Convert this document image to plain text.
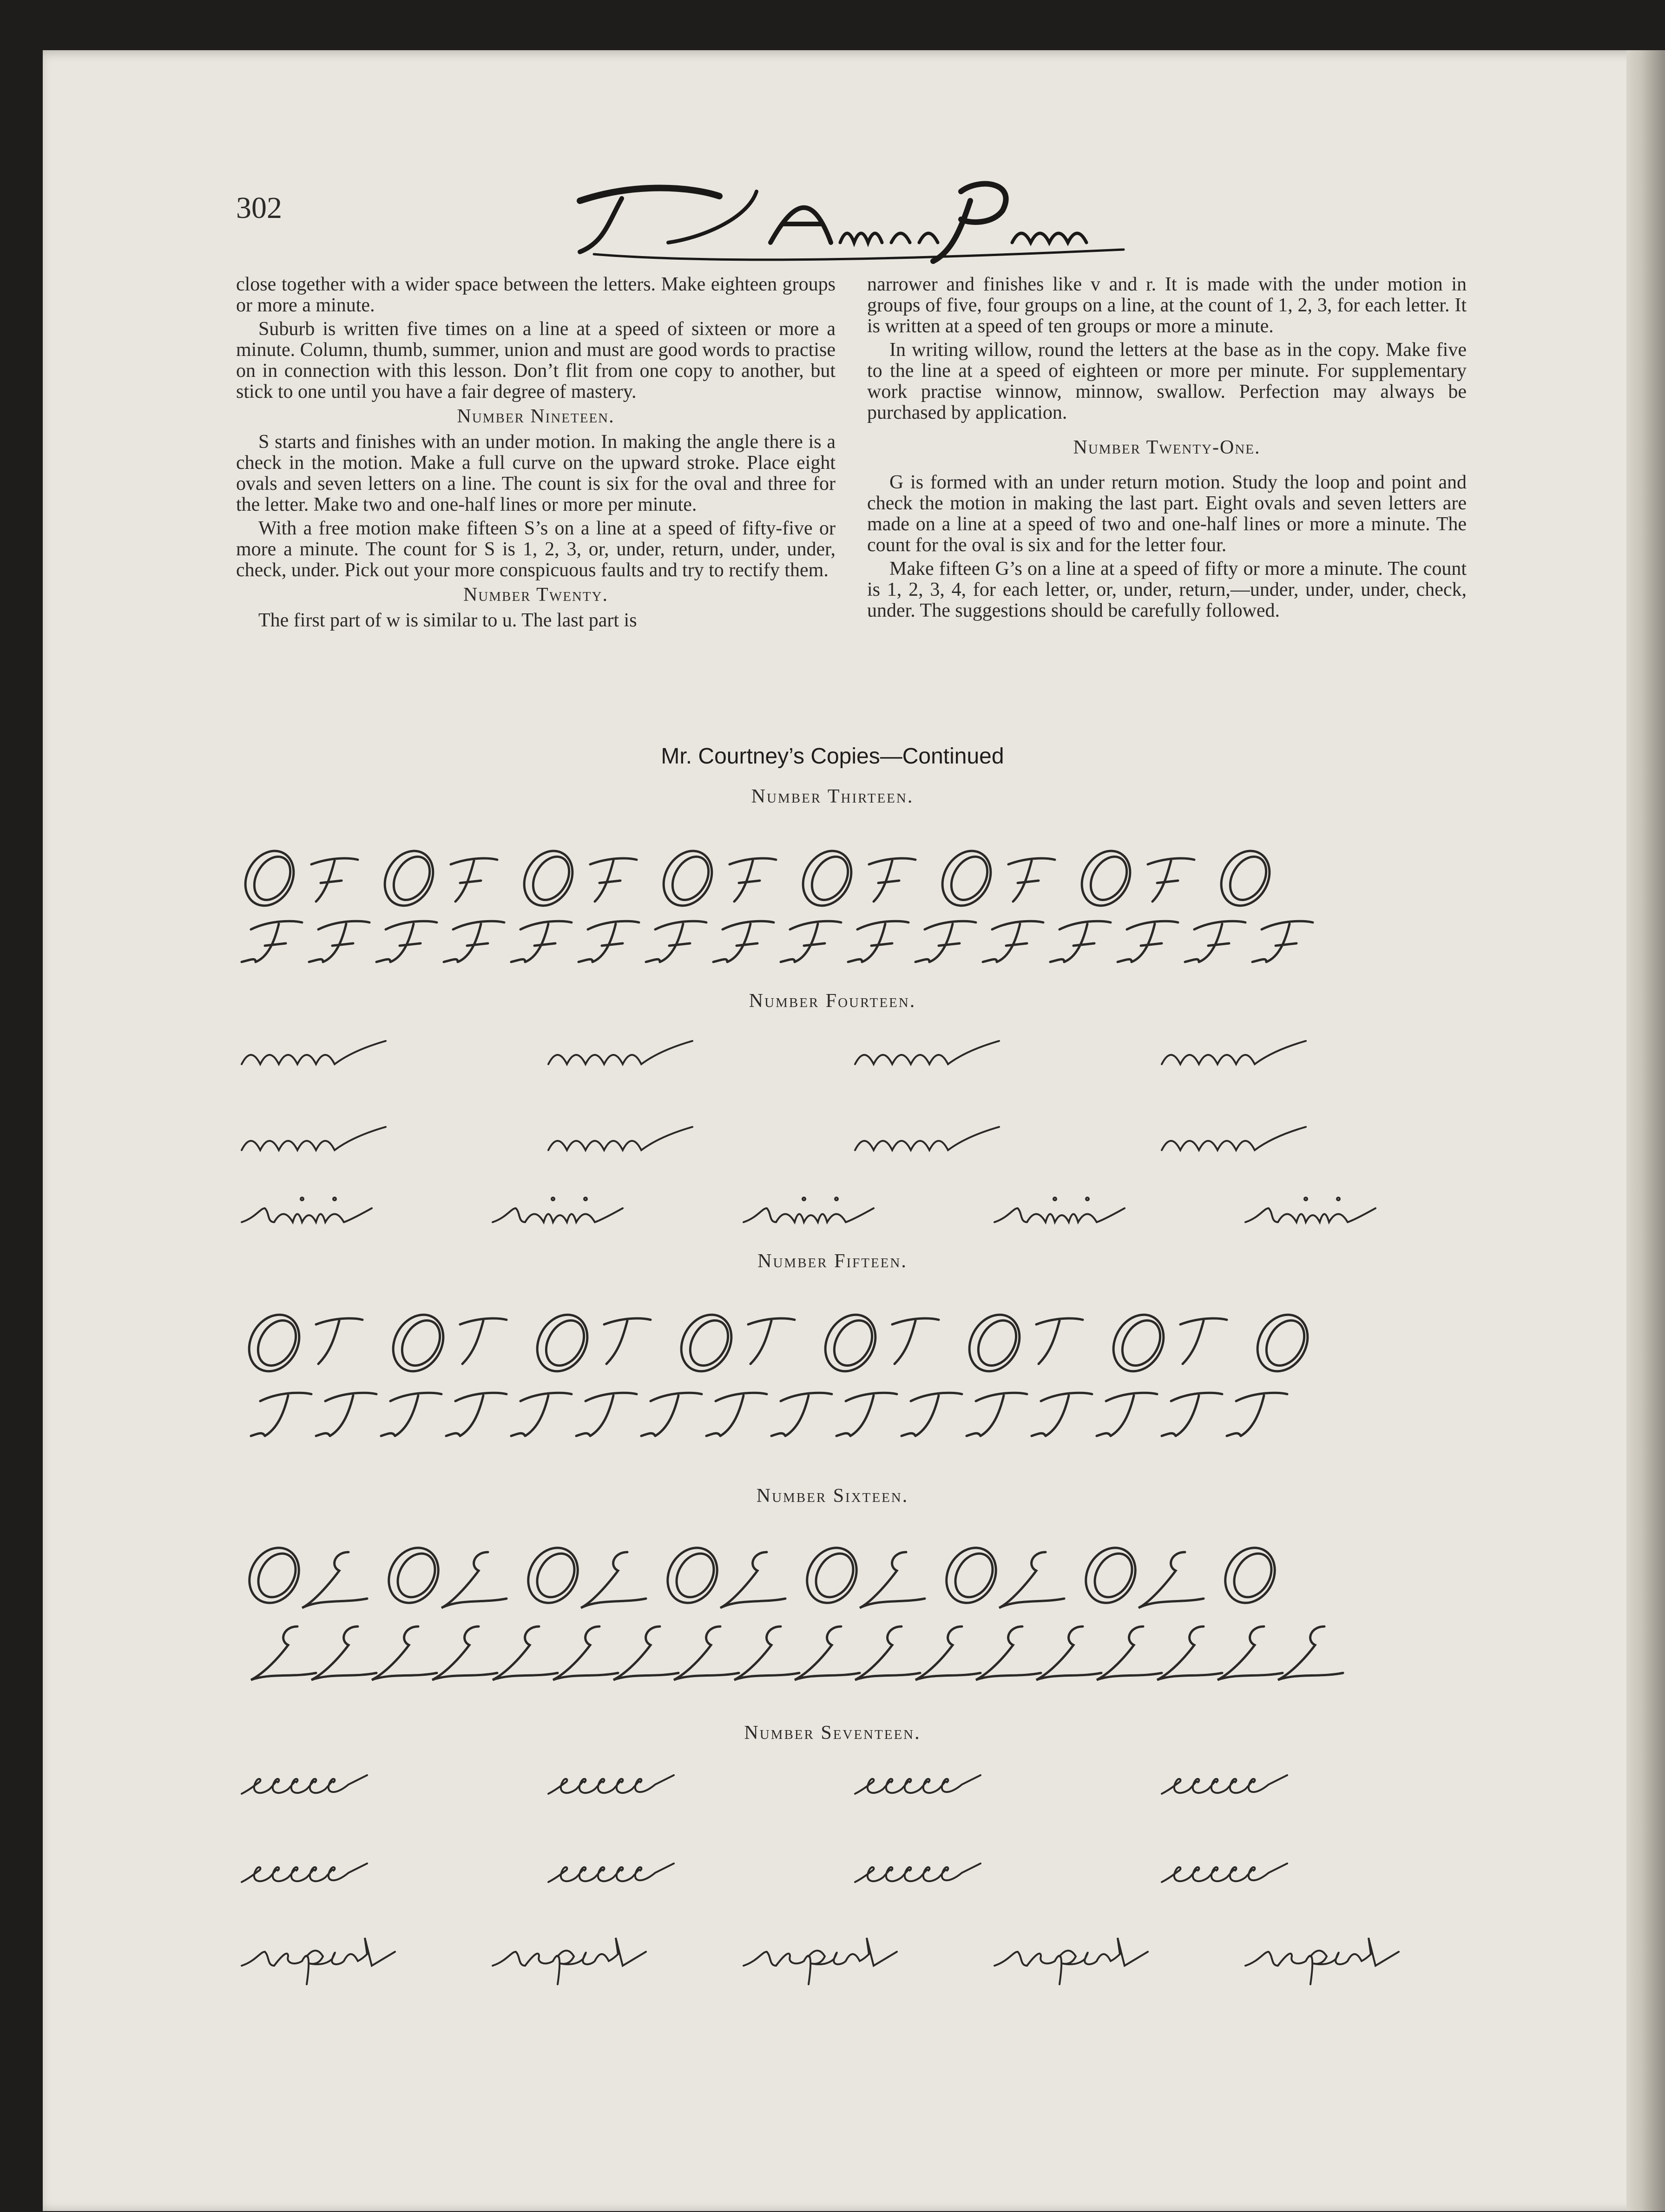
302

close together with a wider space between the letters. Make eighteen groups or more a minute.

Suburb is written five times on a line at a speed of sixteen or more a minute. Column, thumb, summer, union and must are good words to practise on in connection with this lesson. Don’t flit from one copy to another, but stick to one until you have a fair degree of mastery.

Number Nineteen.

S starts and finishes with an under motion. In making the angle there is a check in the motion. Make a full curve on the upward stroke. Place eight ovals and seven letters on a line. The count is six for the oval and three for the letter. Make two and one-half lines or more per minute.

With a free motion make fifteen S’s on a line at a speed of fifty-five or more a minute. The count for S is 1, 2, 3, or, under, return, under, under, check, under. Pick out your more conspicuous faults and try to rectify them.

Number Twenty.

The first part of w is similar to u. The last part is

narrower and finishes like v and r. It is made with the under motion in groups of five, four groups on a line, at the count of 1, 2, 3, for each letter. It is written at a speed of ten groups or more a minute.

In writing willow, round the letters at the base as in the copy. Make five to the line at a speed of eighteen or more per minute. For supplementary work practise winnow, minnow, swallow. Perfection may always be purchased by application.

Number Twenty-One.

G is formed with an under return motion. Study the loop and point and check the motion in making the last part. Eight ovals and seven letters are made on a line at a speed of two and one-half lines or more a minute. The count for the oval is six and for the letter four.

Make fifteen G’s on a line at a speed of fifty or more a minute. The count is 1, 2, 3, 4, for each letter, or, under, return,—under, under, under, check, under. The suggestions should be carefully followed.

Mr. Courtney’s Copies—Continued
Number Thirteen.
Number Fourteen.
Number Fifteen.
Number Sixteen.
Number Seventeen.
